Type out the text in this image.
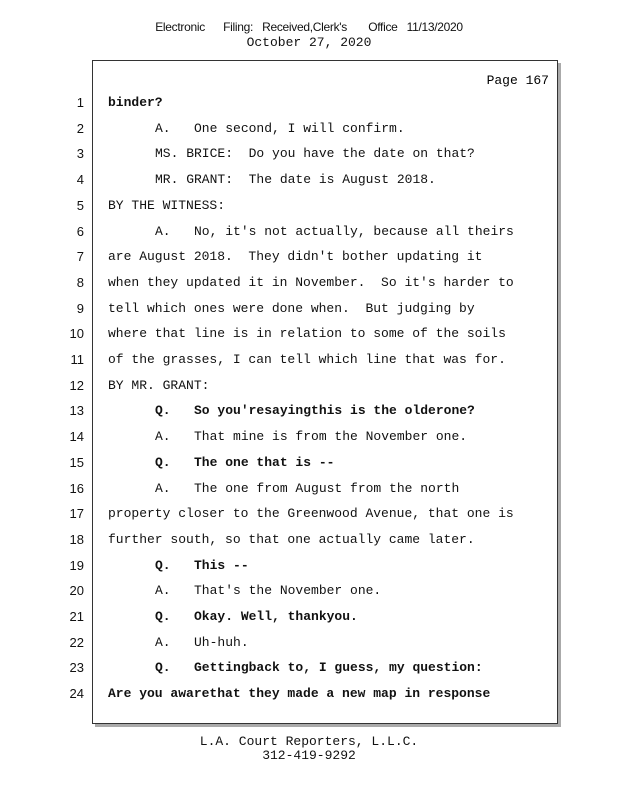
Electronic      Filing:   Received,Clerk's       Office   11/13/2020
October 27, 2020
Page 167
1 binder?
2	A.   One second, I will confirm.
3	MS. BRICE:  Do you have the date on that?
4	MR. GRANT:  The date is August 2018.
5 BY THE WITNESS:
6	A.   No, it's not actually, because all theirs
7 are August 2018.  They didn't bother updating it
8 when they updated it in November.  So it's harder to
9 tell which ones were done when.  But judging by
10 where that line is in relation to some of the soils
11 of the grasses, I can tell which line that was for.
12 BY MR. GRANT:
13	Q.   So you'resayingthis is the olderone?
14	A.   That mine is from the November one.
15	Q.   The one that is --
16	A.   The one from August from the north
17 property closer to the Greenwood Avenue, that one is
18 further south, so that one actually came later.
19	Q.   This --
20	A.   That's the November one.
21	Q.   Okay. Well, thankyou.
22	A.   Uh-huh.
23	Q.   Gettingback to, I guess, my question:
24 Are you awarethat they made a new map in response
L.A. Court Reporters, L.L.C.
312-419-9292
